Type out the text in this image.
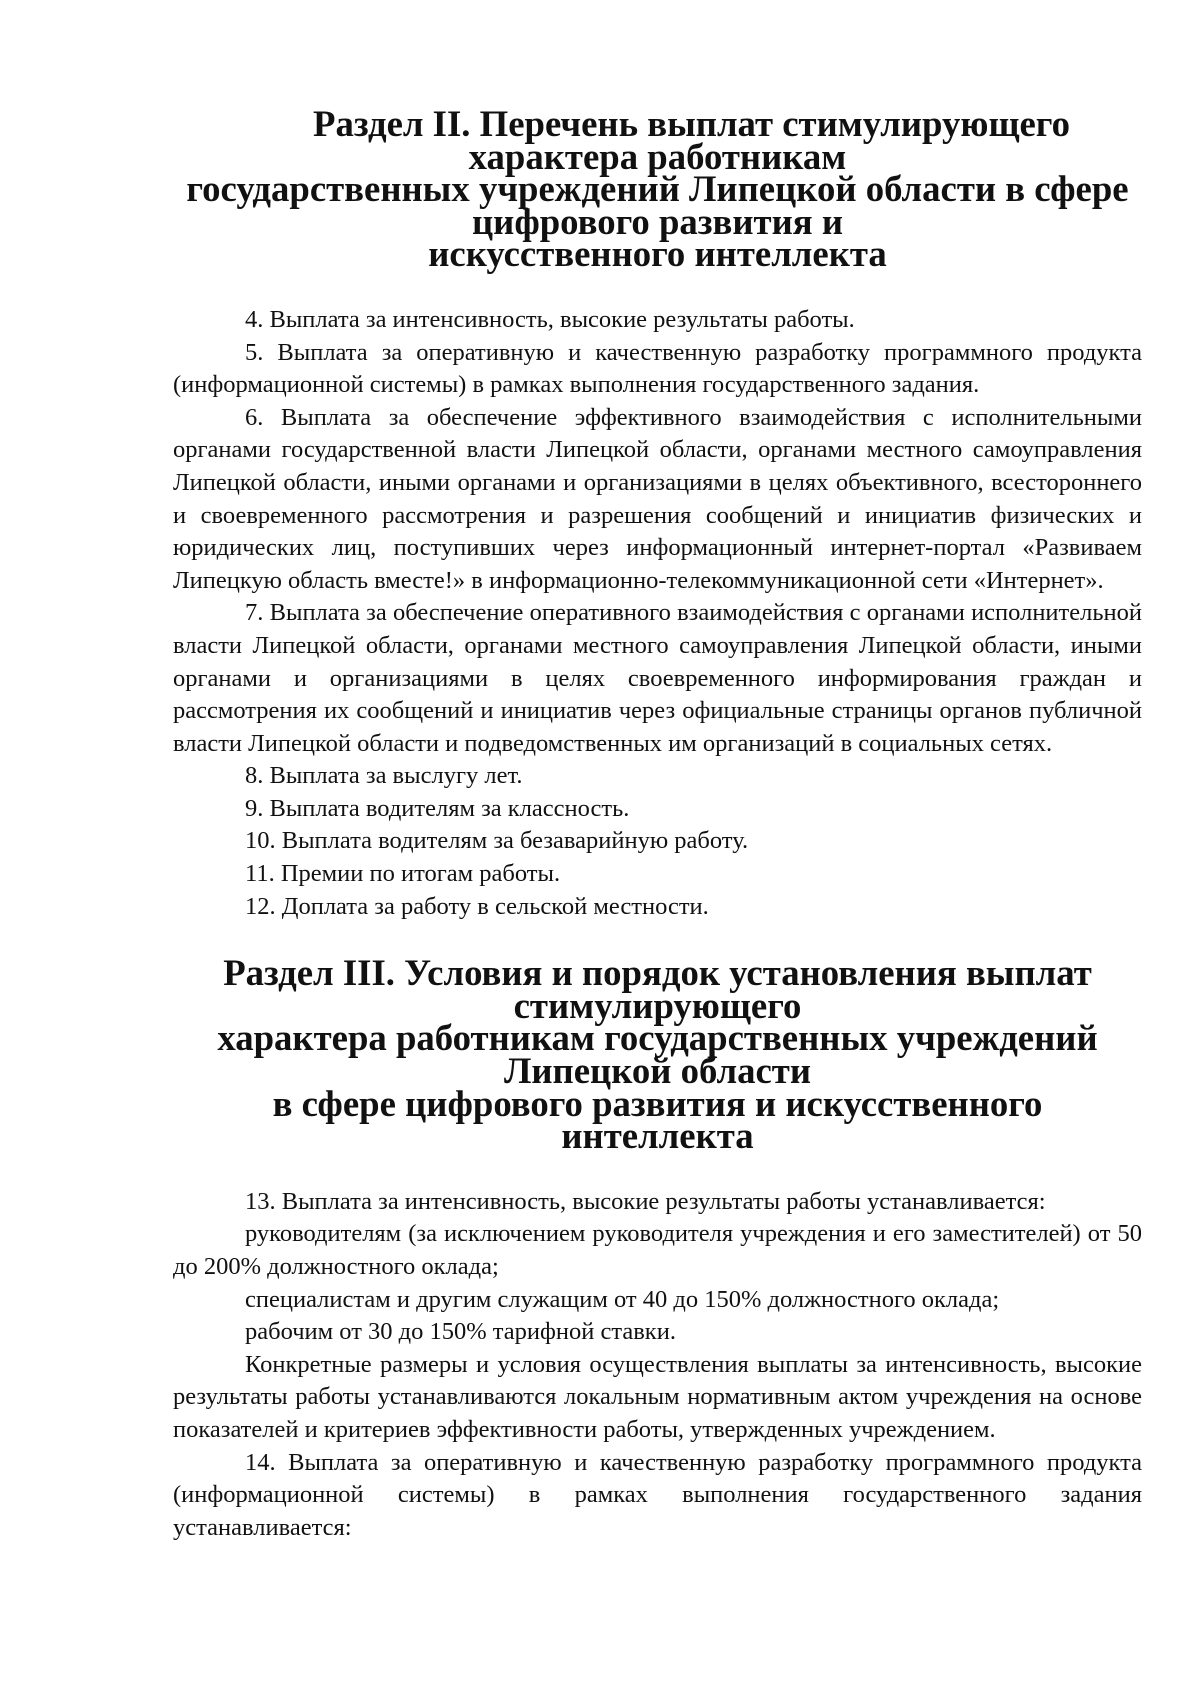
Раздел II. Перечень выплат стимулирующего характера работникам
государственных учреждений Липецкой области в сфере цифрового развития и
искусственного интеллекта

4. Выплата за интенсивность, высокие результаты работы.

5. Выплата за оперативную и качественную разработку программного продукта (информационной системы) в рамках выполнения государственного задания.

6. Выплата за обеспечение эффективного взаимодействия с исполнительными органами государственной власти Липецкой области, органами местного самоуправления Липецкой области, иными органами и организациями в целях объективного, всестороннего и своевременного рассмотрения и разрешения сообщений и инициатив физических и юридических лиц, поступивших через информационный интернет-портал «Развиваем Липецкую область вместе!» в информационно-телекоммуникационной сети «Интернет».

7. Выплата за обеспечение оперативного взаимодействия с органами исполнительной власти Липецкой области, органами местного самоуправления Липецкой области, иными органами и организациями в целях своевременного информирования граждан и рассмотрения их сообщений и инициатив через официальные страницы органов публичной власти Липецкой области и подведомственных им организаций в социальных сетях.

8. Выплата за выслугу лет.

9. Выплата водителям за классность.

10. Выплата водителям за безаварийную работу.

11. Премии по итогам работы.

12. Доплата за работу в сельской местности.

Раздел III. Условия и порядок установления выплат стимулирующего
характера работникам государственных учреждений Липецкой области
в сфере цифрового развития и искусственного интеллекта

13. Выплата за интенсивность, высокие результаты работы устанавливается:

руководителям (за исключением руководителя учреждения и его заместителей) от 50 до 200% должностного оклада;

специалистам и другим служащим от 40 до 150% должностного оклада;

рабочим от 30 до 150% тарифной ставки.

Конкретные размеры и условия осуществления выплаты за интенсивность, высокие результаты работы устанавливаются локальным нормативным актом учреждения на основе показателей и критериев эффективности работы, утвержденных учреждением.

14. Выплата за оперативную и качественную разработку программного продукта (информационной системы) в рамках выполнения государственного задания устанавливается:
